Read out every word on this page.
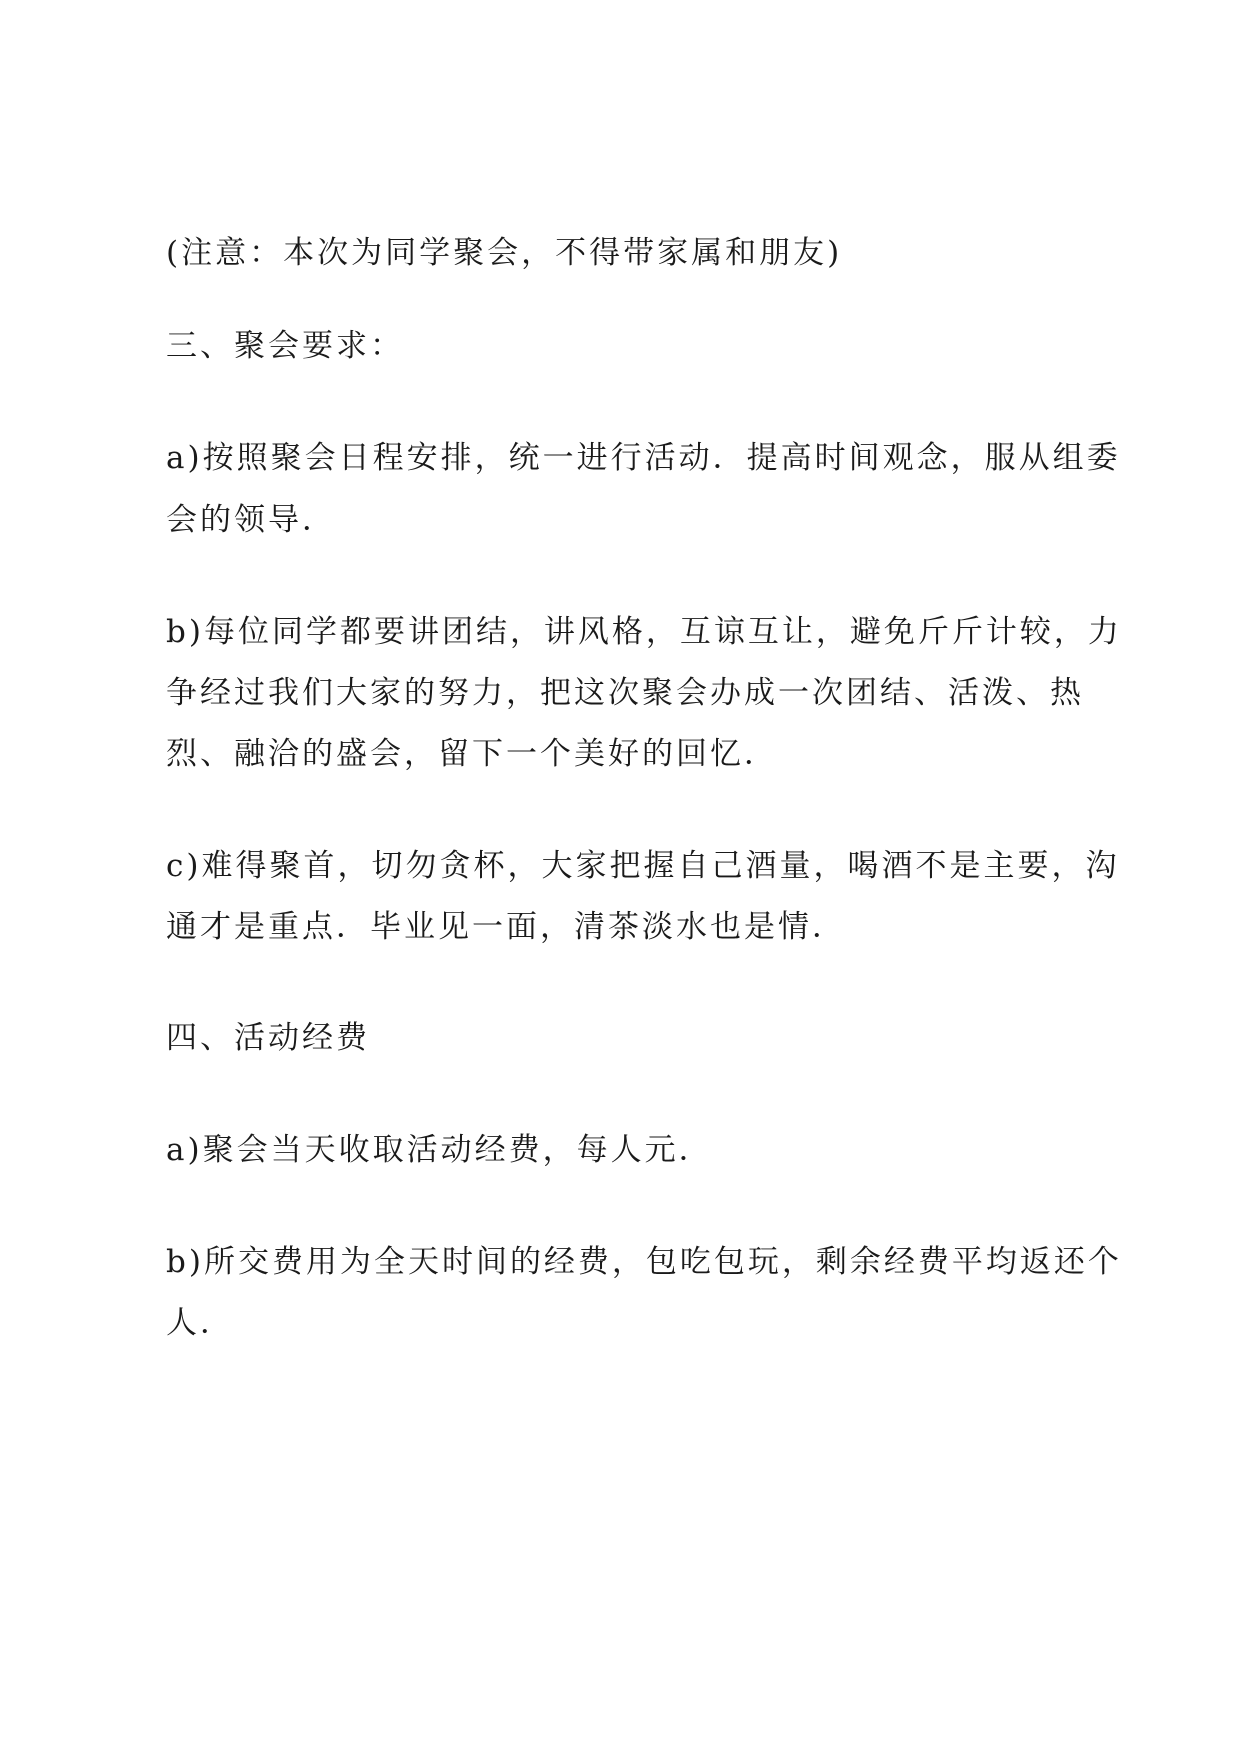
(注意：本次为同学聚会，不得带家属和朋友)
三、聚会要求：
a)按照聚会日程安排，统一进行活动．提高时间观念，服从组委
会的领导．
b)每位同学都要讲团结，讲风格，互谅互让，避免斤斤计较，力
争经过我们大家的努力，把这次聚会办成一次团结、活泼、热
烈、融洽的盛会，留下一个美好的回忆．
c)难得聚首，切勿贪杯，大家把握自己酒量，喝酒不是主要，沟
通才是重点．毕业见一面，清茶淡水也是情．
四、活动经费
a)聚会当天收取活动经费，每人元．
b)所交费用为全天时间的经费，包吃包玩，剩余经费平均返还个
人．
